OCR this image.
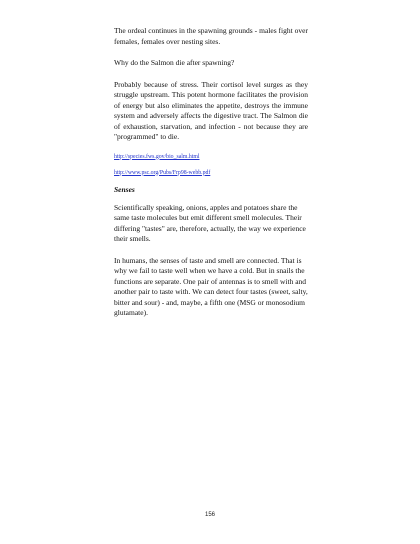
The ordeal continues in the spawning grounds - males fight over females, females over nesting sites.

Why do the Salmon die after spawning?

Probably because of stress. Their cortisol level surges as they struggle upstream. This potent hormone facilitates the provision of energy but also eliminates the appetite, destroys the immune system and adversely affects the digestive tract. The Salmon die of exhaustion, starvation, and infection - not because they are "programmed" to die.

http://species.fws.gov/bio_salm.html
http://www.psc.org/Pubs/Frp98-webb.pdf

Senses

Scientifically speaking, onions, apples and potatoes share the same taste molecules but emit different smell molecules. Their differing "tastes" are, therefore, actually, the way we experience their smells.

In humans, the senses of taste and smell are connected. That is why we fail to taste well when we have a cold. But in snails the functions are separate. One pair of antennas is to smell with and another pair to taste with. We can detect four tastes (sweet, salty, bitter and sour) - and, maybe, a fifth one (MSG or monosodium glutamate).

156
